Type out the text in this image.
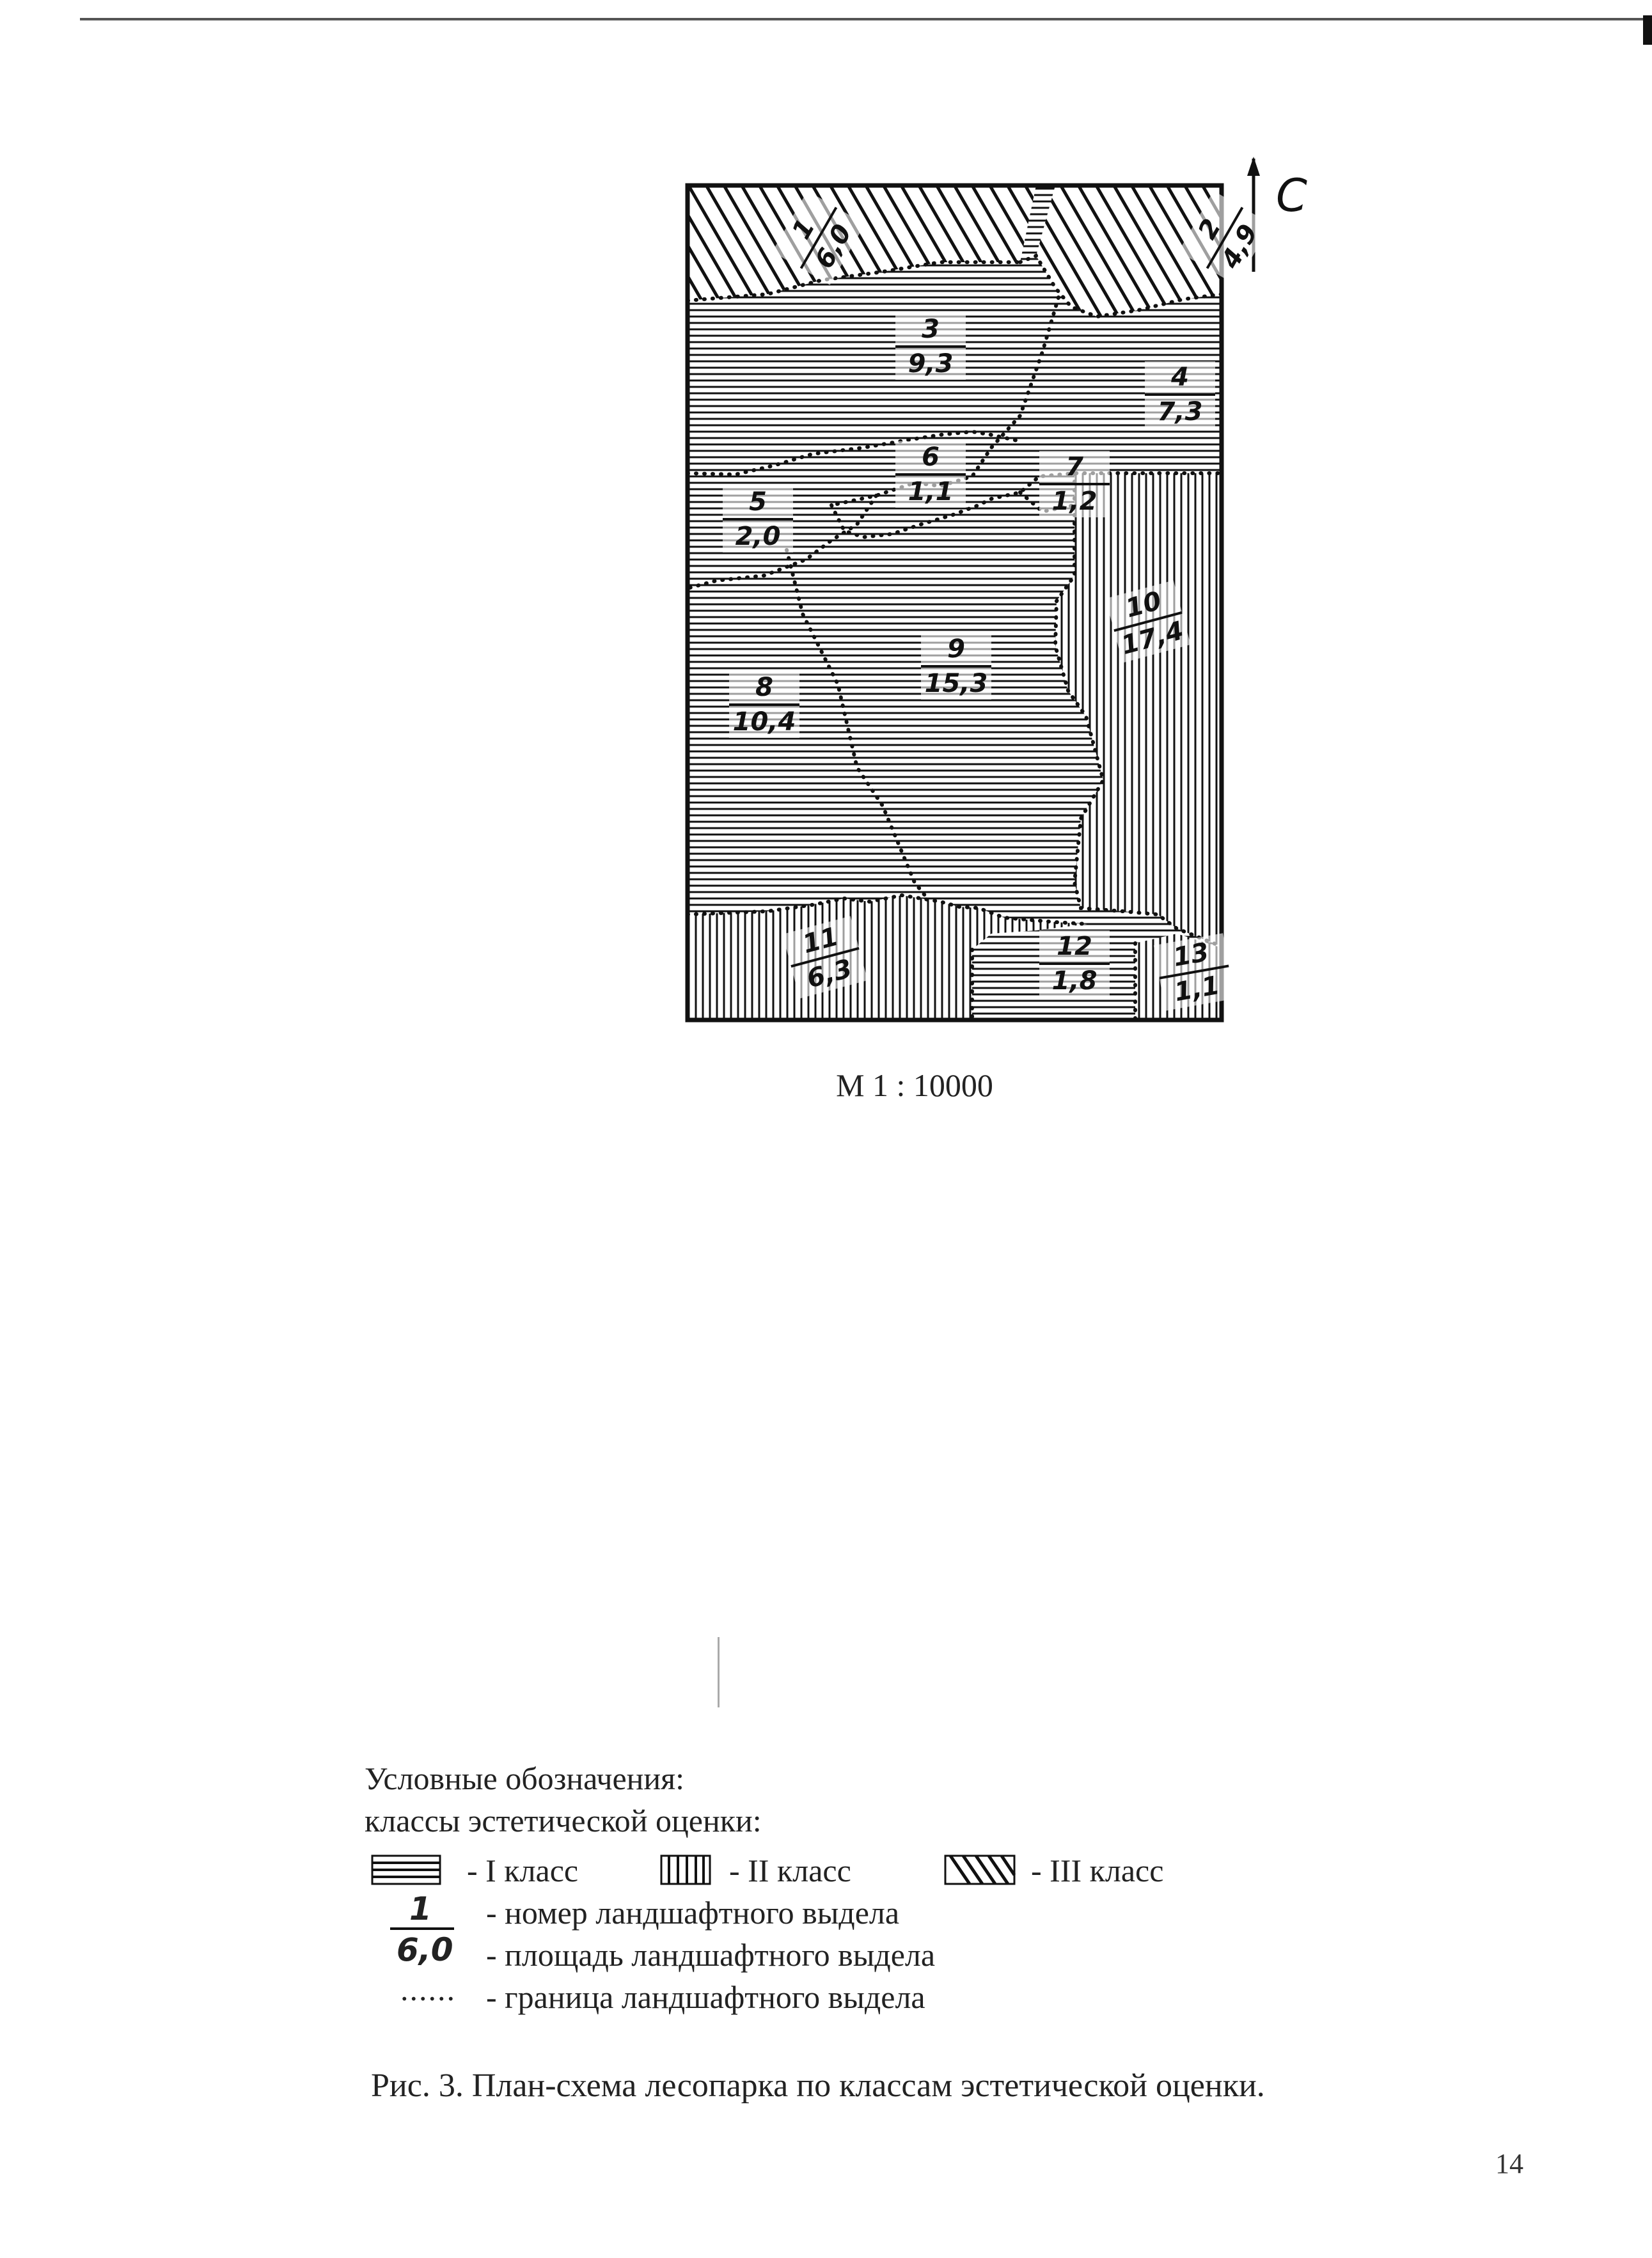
С
1
6,0	2
4,9
3
9,3	4
7,3
5
2,0
6
1,1
7
1,2
8
10,4
9
15,3
10
17,4
11
6,3
12
1,8
13
1,1
М 1 : 10000
Условные обозначения:
классы эстетической оценки:
- I класс	- II класс	- III класс
1 - номер ландшафтного выдела
6,0 - площадь ландшафтного выдела
...... - граница ландшафтного выдела
Рис. 3. План-схема лесопарка по классам эстетической оценки.
14
